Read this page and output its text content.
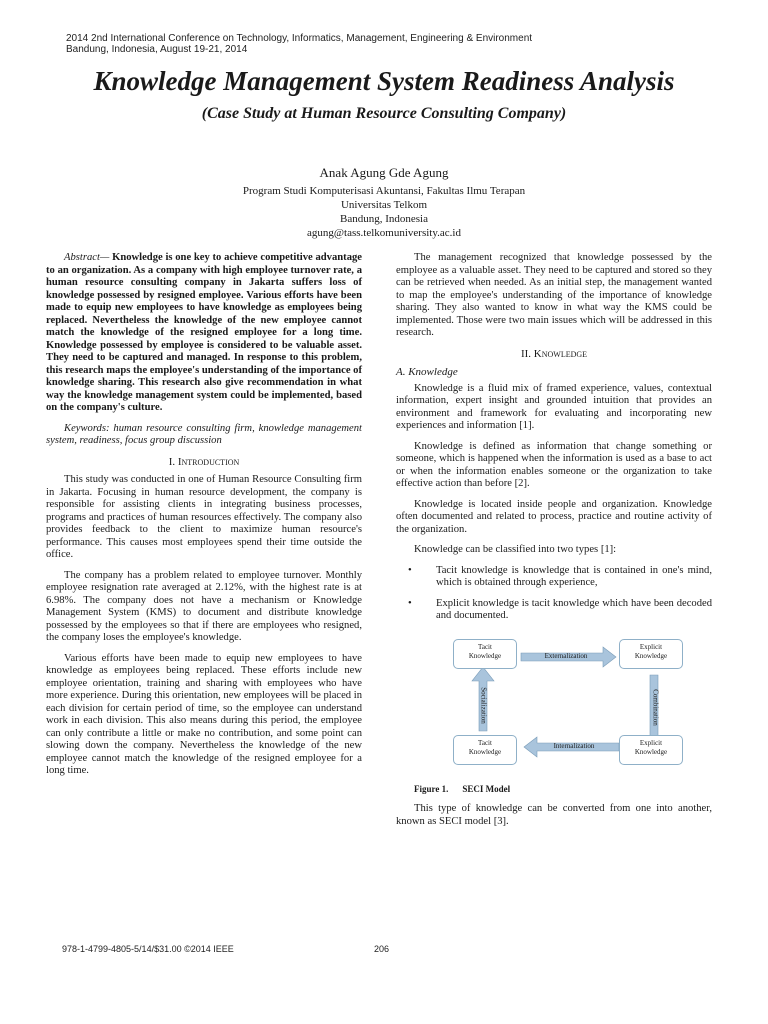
2014 2nd International Conference on Technology, Informatics, Management, Engineering & Environment
Bandung, Indonesia, August 19-21, 2014
Knowledge Management System Readiness Analysis
(Case Study at Human Resource Consulting Company)
Anak Agung Gde Agung
Program Studi Komputerisasi Akuntansi, Fakultas Ilmu Terapan
Universitas Telkom
Bandung, Indonesia
agung@tass.telkomuniversity.ac.id

Abstract— Knowledge is one key to achieve competitive advantage to an organization. As a company with high employee turnover rate, a human resource consulting company in Jakarta suffers loss of knowledge possessed by resigned employee. Various efforts have been made to equip new employees to have knowledge as employees being replaced. Nevertheless the knowledge of the new employee cannot match the knowledge of the resigned employee for a long time. Knowledge possessed by employee is considered to be valuable asset. They need to be captured and managed. In response to this problem, this research maps the employee's understanding of the importance of knowledge sharing. This research also give recommendation in what way the knowledge management system could be implemented, based on the company's culture.

Keywords: human resource consulting firm, knowledge management system, readiness, focus group discussion

I. Introduction

This study was conducted in one of Human Resource Consulting firm in Jakarta. Focusing in human resource development, the company is responsible for assisting clients in integrating business processes, programs and practices of human resources effectively. The company also provides feedback to the client to maximize human resource's performance. This causes most employees spend their time outside the office.

The company has a problem related to employee turnover. Monthly employee resignation rate averaged at 2.12%, with the highest rate is at 6.98%. The company does not have a mechanism or Knowledge Management System (KMS) to document and distribute knowledge possessed by the employees so that if there are employees who resigned, the company loses the employee's knowledge.

Various efforts have been made to equip new employees to have knowledge as employees being replaced. These efforts include new employee orientation, training and sharing with employees who have more experience. During this orientation, new employees will be placed in each division for certain period of time, so the employee can understand work in each division. This also means during this period, the employee can only contribute a little or make no contribution, and some point can slowing down the company. Nevertheless the knowledge of the new employee cannot match the knowledge of the resigned employee for a long time.

The management recognized that knowledge possessed by the employee as a valuable asset. They need to be captured and stored so they can be retrieved when needed. As an initial step, the management wanted to map the employee's understanding of the importance of knowledge sharing. They also wanted to know in what way the KMS could be implemented. Those were two main issues which will be addressed in this research.

II. Knowledge
A. Knowledge

Knowledge is a fluid mix of framed experience, values, contextual information, expert insight and grounded intuition that provides an environment and framework for evaluating and incorporating new experiences and information [1].

Knowledge is defined as information that change something or someone, which is happened when the information is used as a base to act or when the information enables someone or the organization to take effective action than before [2].

Knowledge is located inside people and organization. Knowledge often documented and related to process, practice and routine activity of the organization.

Knowledge can be classified into two types [1]:

• Tacit knowledge is knowledge that is contained in one's mind, which is obtained through experience,
• Explicit knowledge is tacit knowledge which have been decoded and documented.
Tacit
Knowledge
Explicit
Knowledge
Tacit
Knowledge
Explicit
Knowledge
Externalization
Combination
Internalization
Socialization

Figure 1. SECI Model

This type of knowledge can be converted from one into another, known as SECI model [3].

978-1-4799-4805-5/14/$31.00 ©2014 IEEE	206
